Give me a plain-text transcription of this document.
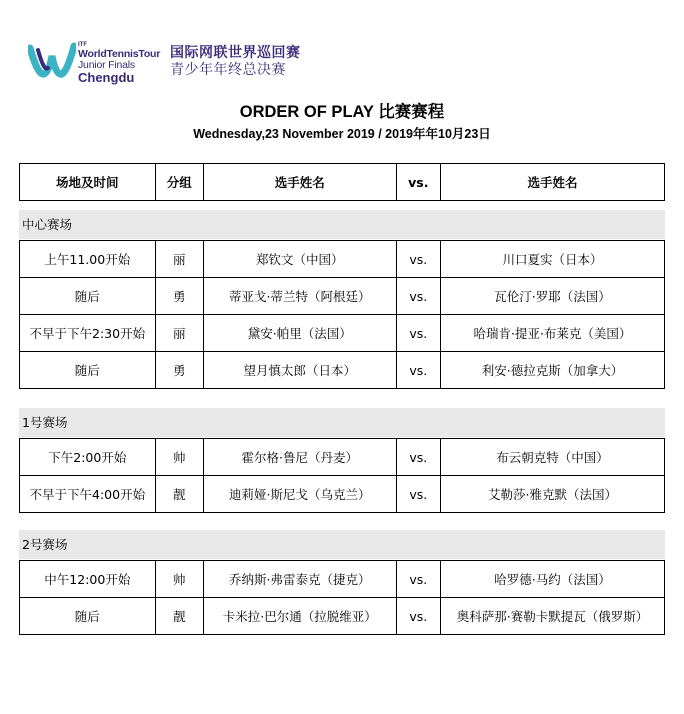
ITF
WorldTennisTour
Junior Finals
Chengdu
国际网联世界巡回赛
青少年年终总决赛
ORDER OF PLAY 比赛赛程
Wednesday,23 November 2019 / 2019年年10月23日
场地及时间	分组	选手姓名	vs.	选手姓名
中心赛场
上午11.00开始	丽	郑钦文（中国）	vs.	川口夏实（日本）
随后	勇	蒂亚戈·蒂兰特（阿根廷）	vs.	瓦伦汀·罗耶（法国）
不早于下午2:30开始	丽	黛安·帕里（法国）	vs.	哈瑞肯·提亚·布莱克（美国）
随后	勇	望月慎太郎（日本）	vs.	利安·德拉克斯（加拿大）
1号赛场
下午2:00开始	帅	霍尔格·鲁尼（丹麦）	vs.	布云朝克特（中国）
不早于下午4:00开始	靓	迪莉娅·斯尼戈（乌克兰）	vs.	艾勒莎·雅克默（法国）
2号赛场
中午12:00开始	帅	乔纳斯·弗雷泰克（捷克）	vs.	哈罗德·马约（法国）
随后	靓	卡米拉·巴尔通（拉脱维亚）	vs.	奥科萨那·赛勒卡默提瓦（俄罗斯）
